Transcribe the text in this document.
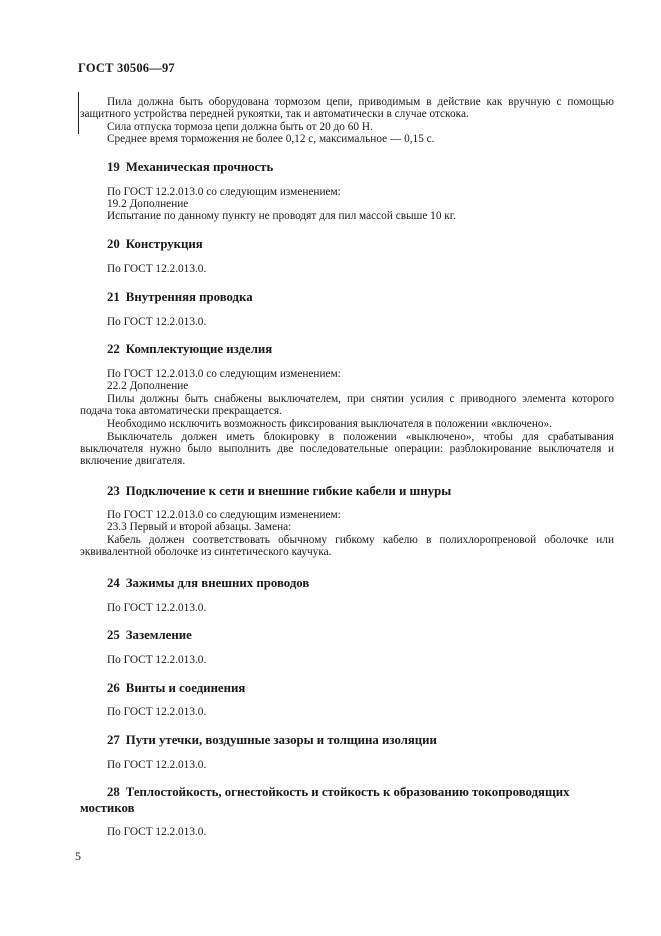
ГОСТ 30506—97
Пила должна быть оборудована тормозом цепи, приводимым в действие как вручную с помощью защитного устройства передней рукоятки, так и автоматически в случае отскока.
Сила отпуска тормоза цепи должна быть от 20 до 60 Н.
Среднее время торможения не более 0,12 с, максимальное — 0,15 с.
19 Механическая прочность
По ГОСТ 12.2.013.0 со следующим изменением:
19.2 Дополнение
Испытание по данному пункту не проводят для пил массой свыше 10 кг.
20 Конструкция
По ГОСТ 12.2.013.0.
21 Внутренняя проводка
По ГОСТ 12.2.013.0.
22 Комплектующие изделия
По ГОСТ 12.2.013.0 со следующим изменением:
22.2 Дополнение
Пилы должны быть снабжены выключателем, при снятии усилия с приводного элемента которого подача тока автоматически прекращается.
Необходимо исключить возможность фиксирования выключателя в положении «включено».
Выключатель должен иметь блокировку в положении «выключено», чтобы для срабатывания выключателя нужно было выполнить две последовательные операции: разблокирование выключателя и включение двигателя.
23 Подключение к сети и внешние гибкие кабели и шнуры
По ГОСТ 12.2.013.0 со следующим изменением:
23.3 Первый и второй абзацы. Замена:
Кабель должен соответствовать обычному гибкому кабелю в полихлоропреновой оболочке или эквивалентной оболочке из синтетического каучука.
24 Зажимы для внешних проводов
По ГОСТ 12.2.013.0.
25 Заземление
По ГОСТ 12.2.013.0.
26 Винты и соединения
По ГОСТ 12.2.013.0.
27 Пути утечки, воздушные зазоры и толщина изоляции
По ГОСТ 12.2.013.0.
28 Теплостойкость, огнестойкость и стойкость к образованию токопроводящих мостиков
По ГОСТ 12.2.013.0.
5
